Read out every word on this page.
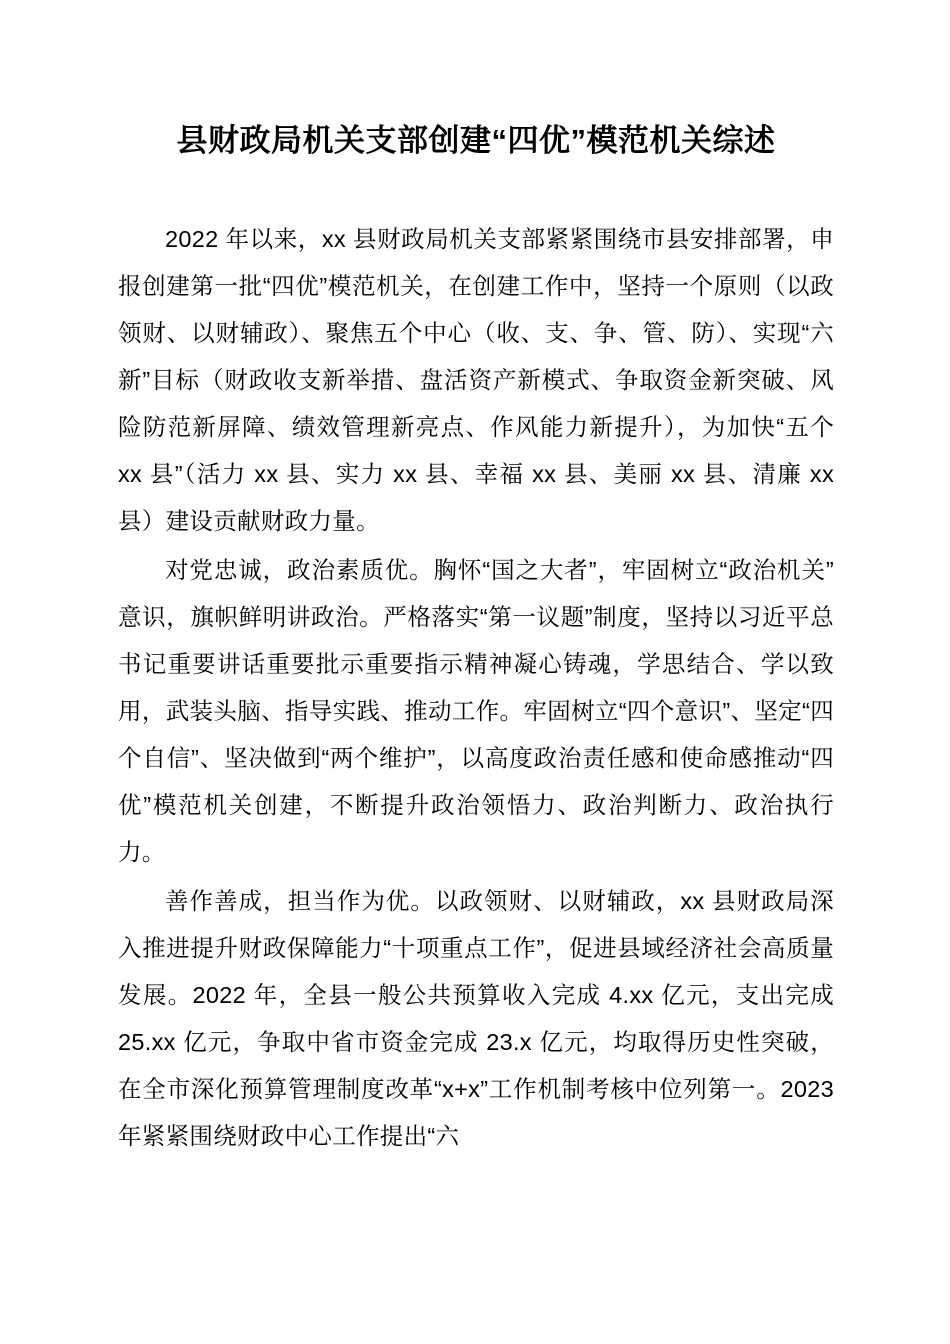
县财政局机关支部创建“四优”模范机关综述

2022 年以来，xx 县财政局机关支部紧紧围绕市县安排部署，申报创建第一批“四优”模范机关，在创建工作中，坚持一个原则（以政领财、以财辅政）、聚焦五个中心（收、支、争、管、防）、实现“六新”目标（财政收支新举措、盘活资产新模式、争取资金新突破、风险防范新屏障、绩效管理新亮点、作风能力新提升），为加快“五个 xx 县”（活力 xx 县、实力 xx 县、幸福 xx 县、美丽 xx 县、清廉 xx 县）建设贡献财政力量。

对党忠诚，政治素质优。胸怀“国之大者”，牢固树立“政治机关”意识，旗帜鲜明讲政治。严格落实“第一议题”制度，坚持以习近平总书记重要讲话重要批示重要指示精神凝心铸魂，学思结合、学以致用，武装头脑、指导实践、推动工作。牢固树立“四个意识”、坚定“四个自信”、坚决做到“两个维护”，以高度政治责任感和使命感推动“四优”模范机关创建，不断提升政治领悟力、政治判断力、政治执行力。

善作善成，担当作为优。以政领财、以财辅政，xx 县财政局深入推进提升财政保障能力“十项重点工作”，促进县域经济社会高质量发展。2022 年，全县一般公共预算收入完成 4.xx 亿元，支出完成 25.xx 亿元，争取中省市资金完成 23.x 亿元，均取得历史性突破，在全市深化预算管理制度改革“x+x”工作机制考核中位列第一。2023 年紧紧围绕财政中心工作提出“六
